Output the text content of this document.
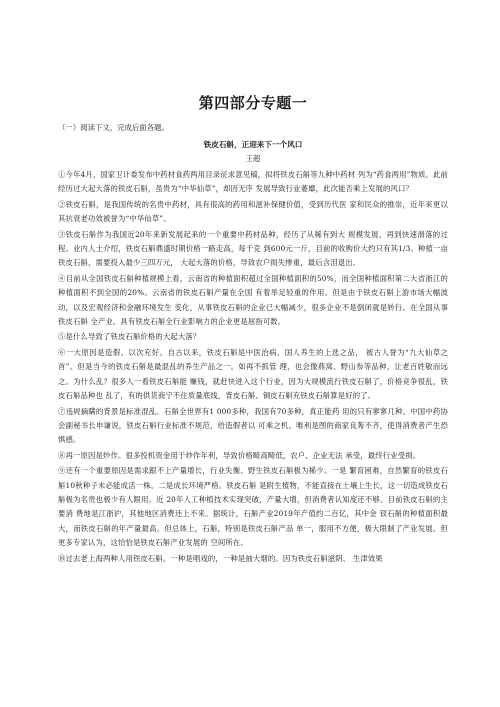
第四部分专题一
（一）阅读下文，完成后面各题。
铁皮石斛，正迎来下一个风口
王超
①今年4月，国家卫计委发布中药材食药两用目录征求意见稿，拟将铁皮石斛等九种中药材 列为“药食两用”物质。此前经历过大起大落的铁皮石斛，虽贵为“中华仙草”，却因无序 发展导致行业萎靡，此次能否乘上发展的风口？
②铁皮石斛，是我国传统的名贵中药材，具有很高的药用和滋补保健价值，受到历代医 家和民众的推崇，近年来更以其抗衰老功效被誉为“中华仙草”。
③铁皮石斛作为我国近20年来新发展起来的一个重要中药材品种，经历了从稀有到大 规模发展，再到快速滑落的过程。业内人士介绍，铁皮石斛鼎盛时期价格一路走高，每千克 到600元一斤，目前的收购价大约只有其1/3。种植一亩铁皮石斛，需要投入最少三四万元， 大起大落的价格，导致农户损失惨重，最后含泪退出。
④目前从全国铁皮石斛种植规模上看，云南省的种植面积超过全国种植面积的50%，而全国种植面积第二大省浙江的种植面积不到全国的20%。云南省的铁皮石斛产量在全国 有着举足轻重的作用。但是由于铁皮石斛上游市场大幅波动，以及宏观经济和金融环境发生 变化，从事铁皮石斛的企业已大幅减少，很多企业不是倒闭就是转行。在全国从事铁皮石斛 全产业、具有铁皮石斛全行业影响力的企业更是屈指可数。
⑤是什么导致了铁皮石斛价格的大起大落？
⑥一大原因是造假、以次充好。自古以来，铁皮石斛是中医治病、国人养生的上选之品， 被古人誉为“九大仙草之首”。但是当今的铁皮石斛是最混乱的养生产品之一。如再不抓管 理，也会像燕窝、野山参等品种，让老百姓敬而远之。为什么乱？很多人一看铁皮石斛能 赚钱，就赶快进入这个行业，因为大规模流行铁皮石斛了，价格竞争很乱，铁皮石斛品种也 乱了，有的供货商宁不住质量底线，背皮石斛、铜皮石斛充铁皮石斛算是好的了。
⑦违规摘瞒的背景是标准混乱。石斛全世界有1 000多种，我国有70多种，真正能药 用的只有寥寥几种。中国中药协会副秘书长申谦说，铁皮石斛行业标准不规范，给造假者以 可乘之机。唯利是图的商家良莠不齐，使得消费者产生恐惧感。
⑧再一原因是炒作。很多投机资金用于炒作年利，导致价格畸高畸低，农户、企业无法 承受，最终行业受损。
⑨还有一个重要原因是需求跟不上产量增长，行业失衡。野生铁皮石斛极为稀少。一是 繁育困难，自然繁育的铁皮石斛10秋种子未必能成活一株。二是成长环境严格。铁皮石斛 是附生植物，不能直接在土壤上生长，这一切造成铁皮石斛极为名贵也极少有人眼用。近 20年人工种植技术实现突破，产量大增，但消费者认知度还不够。目前铁皮石斛的主要消 费地是江浙沪，其他地区消费还上不来。据统计，石斛产业2019年产值约二百亿，其中金 钗石斛的种植面积最大，而铁皮石斛的年产量最高。但总体上，石斛，特别是铁皮石斛产品 单一，服用不方便，极大限制了产业发展。但更多专家认为，这恰恰是铁皮石斛产业发展的 空间所在。
⑩过去老上海两种人用铁皮石斛。一种是唱戏的，一种是抽大烟的。因为铁皮石斛滋阴、 生津效果
